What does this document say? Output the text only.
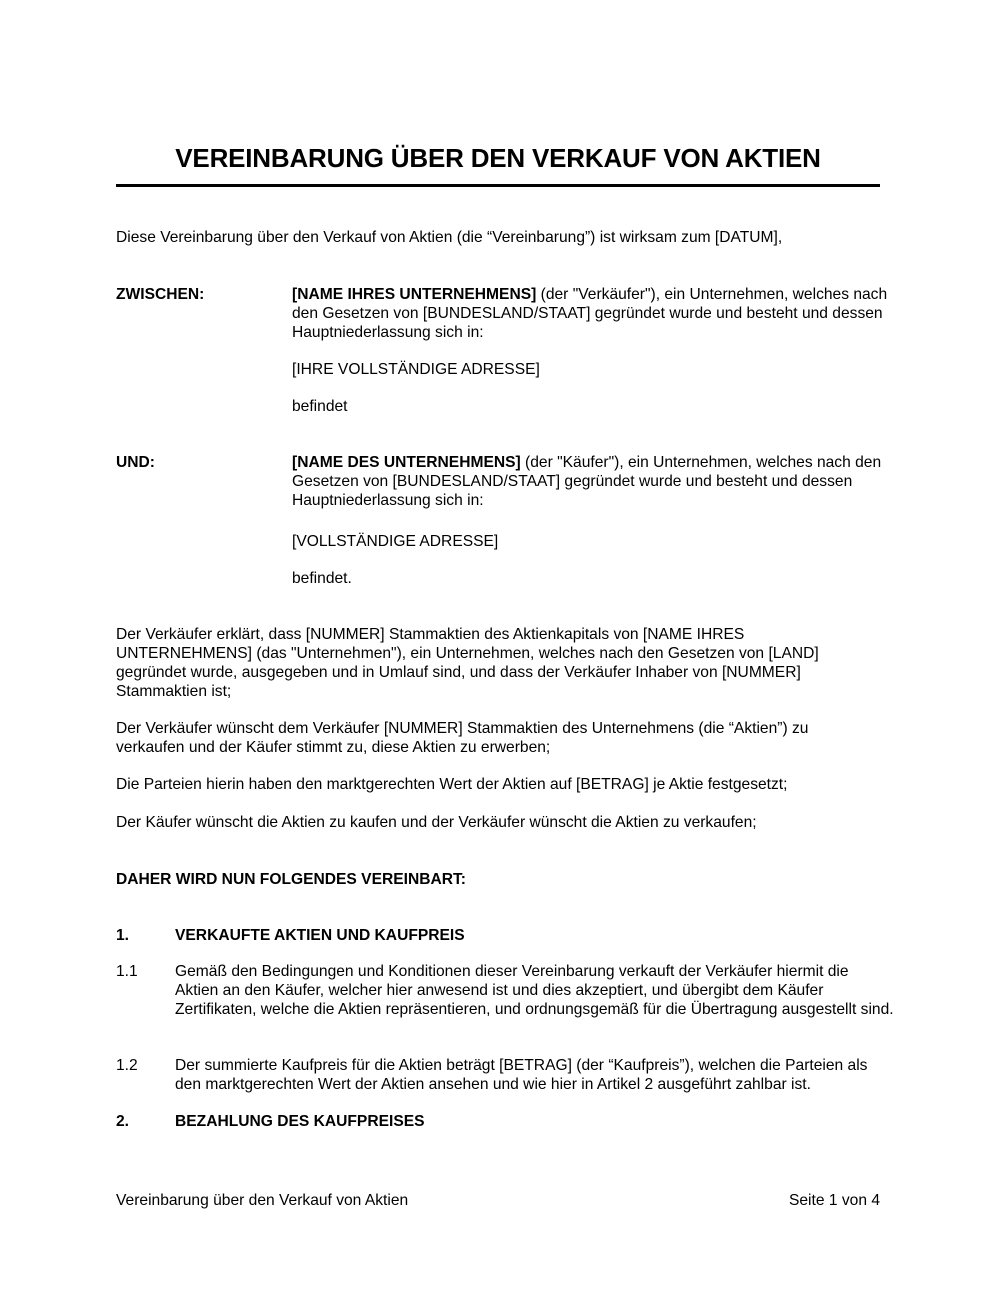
VEREINBARUNG ÜBER DEN VERKAUF VON AKTIEN

Diese Vereinbarung über den Verkauf von Aktien (die “Vereinbarung”) ist wirksam zum [DATUM],

ZWISCHEN:	[NAME IHRES UNTERNEHMENS] (der "Verkäufer"), ein Unternehmen, welches nach den Gesetzen von [BUNDESLAND/STAAT] gegründet wurde und besteht und dessen Hauptniederlassung sich in:
[IHRE VOLLSTÄNDIGE ADRESSE]
befindet
UND:	[NAME DES UNTERNEHMENS] (der "Käufer"), ein Unternehmen, welches nach den Gesetzen von [BUNDESLAND/STAAT] gegründet wurde und besteht und dessen Hauptniederlassung sich in:
[VOLLSTÄNDIGE ADRESSE]
befindet.

Der Verkäufer erklärt, dass [NUMMER] Stammaktien des Aktienkapitals von [NAME IHRES UNTERNEHMENS] (das "Unternehmen"), ein Unternehmen, welches nach den Gesetzen von [LAND] gegründet wurde, ausgegeben und in Umlauf sind, und dass der Verkäufer Inhaber von [NUMMER] Stammaktien ist;

Der Verkäufer wünscht dem Verkäufer [NUMMER] Stammaktien des Unternehmens (die “Aktien”) zu verkaufen und der Käufer stimmt zu, diese Aktien zu erwerben;

Die Parteien hierin haben den marktgerechten Wert der Aktien auf [BETRAG] je Aktie festgesetzt;

Der Käufer wünscht die Aktien zu kaufen und der Verkäufer wünscht die Aktien zu verkaufen;

DAHER WIRD NUN FOLGENDES VEREINBART:
1.	VERKAUFTE AKTIEN UND KAUFPREIS
1.1 Gemäß den Bedingungen und Konditionen dieser Vereinbarung verkauft der Verkäufer hiermit die Aktien an den Käufer, welcher hier anwesend ist und dies akzeptiert, und übergibt dem Käufer Zertifikaten, welche die Aktien repräsentieren, und ordnungsgemäß für die Übertragung ausgestellt sind.
1.2 Der summierte Kaufpreis für die Aktien beträgt [BETRAG] (der “Kaufpreis”), welchen die Parteien als den marktgerechten Wert der Aktien ansehen und wie hier in Artikel 2 ausgeführt zahlbar ist.
2.	BEZAHLUNG DES KAUFPREISES
Vereinbarung über den Verkauf von Aktien	Seite 1 von 4
